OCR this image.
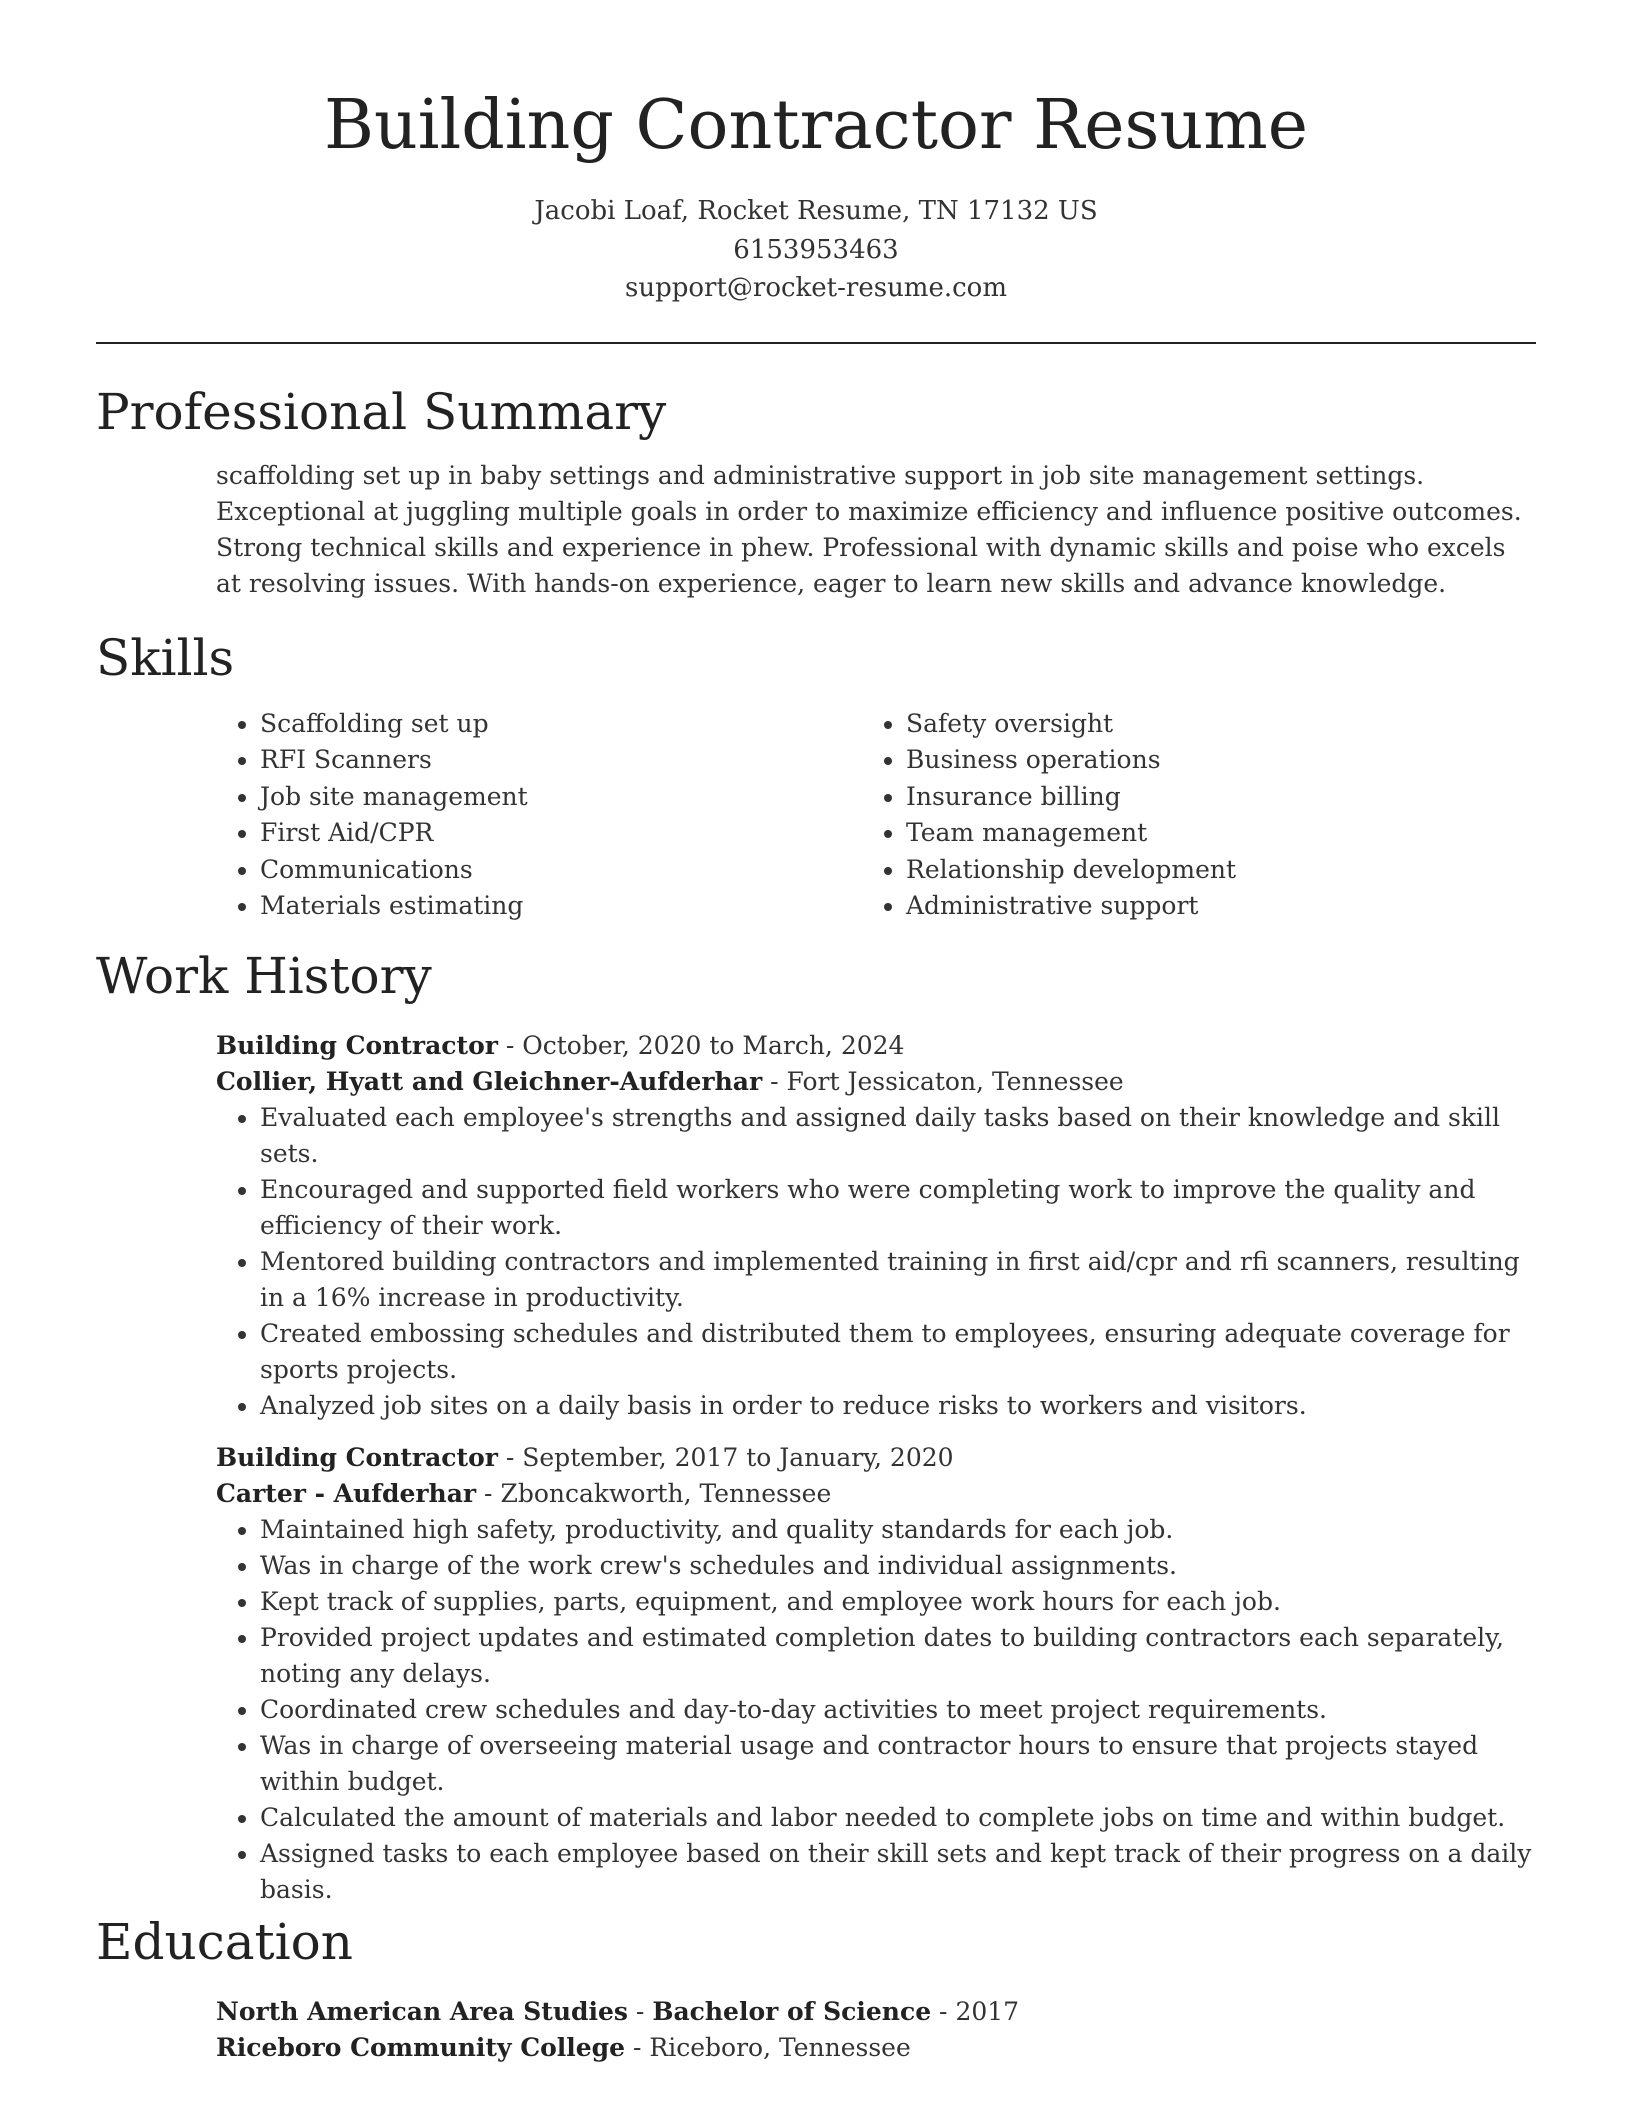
Building Contractor Resume
Jacobi Loaf, Rocket Resume, TN 17132 US
6153953463
support@rocket-resume.com
Professional Summary

scaffolding set up in baby settings and administrative support in job site management settings. Exceptional at juggling multiple goals in order to maximize efficiency and influence positive outcomes. Strong technical skills and experience in phew. Professional with dynamic skills and poise who excels at resolving issues. With hands-on experience, eager to learn new skills and advance knowledge.

Skills
• Scaffolding set up
• RFI Scanners
• Job site management
• First Aid/CPR
• Communications
• Materials estimating
• Safety oversight
• Business operations
• Insurance billing
• Team management
• Relationship development
• Administrative support
Work History
Building Contractor - October, 2020 to March, 2024
Collier, Hyatt and Gleichner-Aufderhar - Fort Jessicaton, Tennessee
• Evaluated each employee's strengths and assigned daily tasks based on their knowledge and skill sets.
• Encouraged and supported field workers who were completing work to improve the quality and efficiency of their work.
• Mentored building contractors and implemented training in first aid/cpr and rfi scanners, resulting in a 16% increase in productivity.
• Created embossing schedules and distributed them to employees, ensuring adequate coverage for sports projects.
• Analyzed job sites on a daily basis in order to reduce risks to workers and visitors.
Building Contractor - September, 2017 to January, 2020
Carter - Aufderhar - Zboncakworth, Tennessee
• Maintained high safety, productivity, and quality standards for each job.
• Was in charge of the work crew's schedules and individual assignments.
• Kept track of supplies, parts, equipment, and employee work hours for each job.
• Provided project updates and estimated completion dates to building contractors each separately, noting any delays.
• Coordinated crew schedules and day-to-day activities to meet project requirements.
• Was in charge of overseeing material usage and contractor hours to ensure that projects stayed within budget.
• Calculated the amount of materials and labor needed to complete jobs on time and within budget.
• Assigned tasks to each employee based on their skill sets and kept track of their progress on a daily basis.
Education
North American Area Studies - Bachelor of Science - 2017
Riceboro Community College - Riceboro, Tennessee
